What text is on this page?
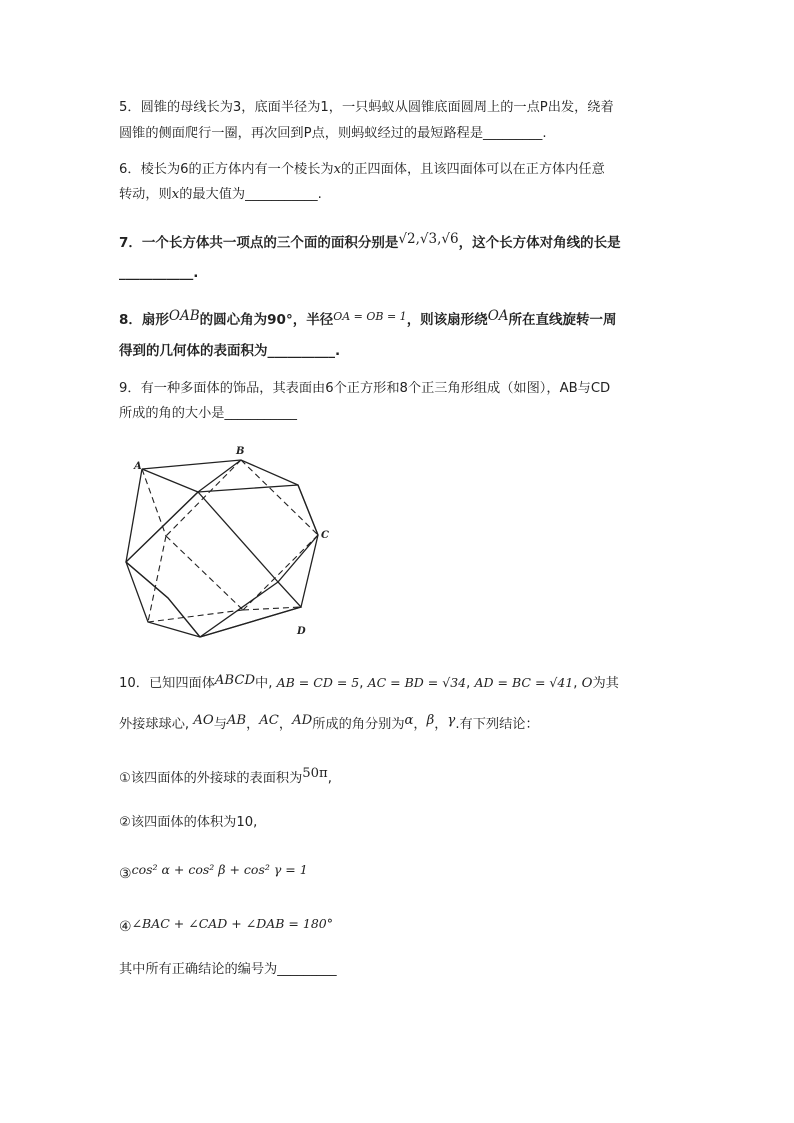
5．圆锥的母线长为3，底面半径为1，一只蚂蚁从圆锥底面圆周上的一点P出发，绕着
圆锥的侧面爬行一圈，再次回到P点，则蚂蚁经过的最短路程是_________.
6．棱长为6的正方体内有一个棱长为x的正四面体，且该四面体可以在正方体内任意
转动，则x的最大值为___________.
7．一个长方体共一项点的三个面的面积分别是√2,√3,√6，这个长方体对角线的长是
___________.
8．扇形OAB的圆心角为90°，半径$^{OA = OB = 1}$，则该扇形绕OA所在直线旋转一周
得到的几何体的表面积为__________.
9．有一种多面体的饰品，其表面由6个正方形和8个正三角形组成（如图），AB与CD
所成的角的大小是___________
A
B
C
D
10．已知四面体ABCD中, AB = CD = 5, AC = BD = √34, AD = BC = √41, O为其
外接球球心, AO与AB，AC，AD所成的角分别为α，β，γ.有下列结论：
①该四面体的外接球的表面积为50π,
②该四面体的体积为10,
③cos² α + cos² β + cos² γ = 1
④∠BAC + ∠CAD + ∠DAB = 180°
其中所有正确结论的编号为_________
